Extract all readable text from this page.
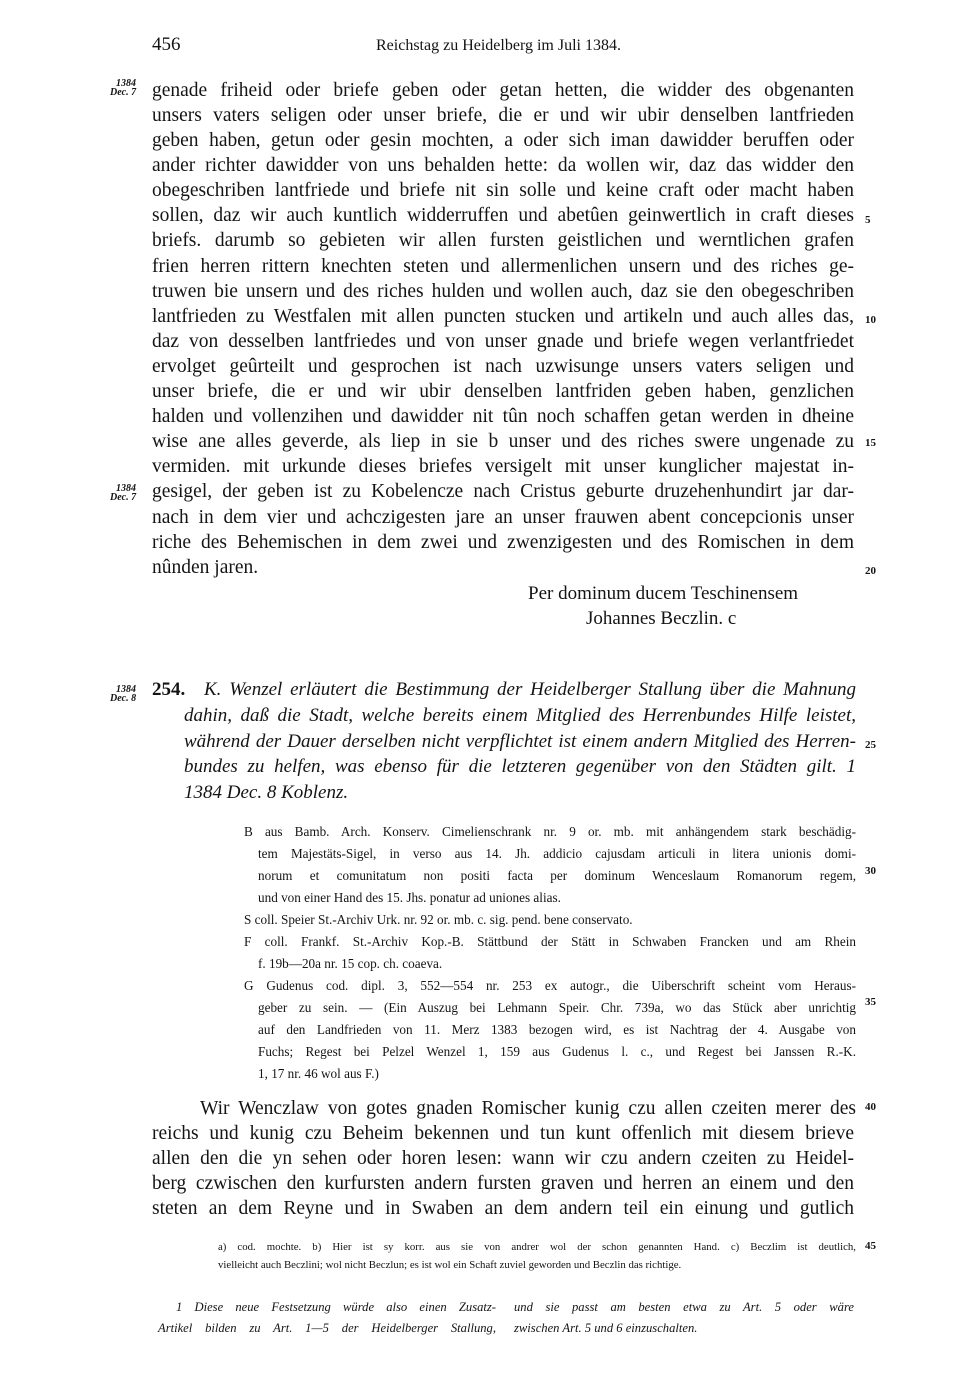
456	Reichstag zu Heidelberg im Juli 1384.
1384
Dec. 7
1384
Dec. 7
1384
Dec. 8
5
10
15
20
25
30
35
40
45
genade friheid oder briefe geben oder getan hetten, die widder des obgenanten
unsers vaters seligen oder unser briefe, die er und wir ubir denselben lantfrieden
geben haben, getun oder gesin mochten, a oder sich iman dawidder beruffen oder
ander richter dawidder von uns behalden hette: da wollen wir, daz das widder den
obegeschriben lantfriede und briefe nit sin solle und keine craft oder macht haben
sollen, daz wir auch kuntlich widderruffen und abetûen geinwertlich in craft dieses
briefs. darumb so gebieten wir allen fursten geistlichen und werntlichen grafen
frien herren rittern knechten steten und allermenlichen unsern und des riches ge-
truwen bie unsern und des riches hulden und wollen auch, daz sie den obegeschriben
lantfrieden zu Westfalen mit allen puncten stucken und artikeln und auch alles das,
daz von desselben lantfriedes und von unser gnade und briefe wegen verlantfriedet
ervolget geûrteilt und gesprochen ist nach uzwisunge unsers vaters seligen und
unser briefe, die er und wir ubir denselben lantfriden geben haben, genzlichen
halden und vollenzihen und dawidder nit tûn noch schaffen getan werden in dheine
wise ane alles geverde, als liep in sie b unser und des riches swere ungenade zu
vermiden. mit urkunde dieses briefes versigelt mit unser kunglicher majestat in-
gesigel, der geben ist zu Kobelencze nach Cristus geburte druzehenhundirt jar dar-
nach in dem vier und achczigesten jare an unser frauwen abent concepcionis unser
riche des Behemischen in dem zwei und zwenzigesten und des Romischen in dem
nûnden jaren.
Per dominum ducem Teschinensem
Johannes Beczlin. c
254. K. Wenzel erläutert die Bestimmung der Heidelberger Stallung über die Mahnung
dahin, daß die Stadt, welche bereits einem Mitglied des Herrenbundes Hilfe leistet,
während der Dauer derselben nicht verpflichtet ist einem andern Mitglied des Herren-
bundes zu helfen, was ebenso für die letzteren gegenüber von den Städten gilt. 1
1384 Dec. 8 Koblenz.
B aus Bamb. Arch. Konserv. Cimelienschrank nr. 9 or. mb. mit anhängendem stark beschädig-
tem Majestäts-Sigel, in verso aus 14. Jh. addicio cajusdam articuli in litera unionis domi-
norum et comunitatum non positi facta per dominum Wenceslaum Romanorum regem,
und von einer Hand des 15. Jhs. ponatur ad uniones alias.
S coll. Speier St.-Archiv Urk. nr. 92 or. mb. c. sig. pend. bene conservato.
F coll. Frankf. St.-Archiv Kop.-B. Stättbund der Stätt in Schwaben Francken und am Rhein
f. 19b—20a nr. 15 cop. ch. coaeva.
G Gudenus cod. dipl. 3, 552—554 nr. 253 ex autogr., die Uiberschrift scheint vom Heraus-
geber zu sein. — (Ein Auszug bei Lehmann Speir. Chr. 739a, wo das Stück aber unrichtig
auf den Landfrieden von 11. Merz 1383 bezogen wird, es ist Nachtrag der 4. Ausgabe von
Fuchs; Regest bei Pelzel Wenzel 1, 159 aus Gudenus l. c., und Regest bei Janssen R.-K.
1, 17 nr. 46 wol aus F.)
Wir Wenczlaw von gotes gnaden Romischer kunig czu allen czeiten merer des
reichs und kunig czu Beheim bekennen und tun kunt offenlich mit diesem brieve
allen den die yn sehen oder horen lesen: wann wir czu andern czeiten zu Heidel-
berg czwischen den kurfursten andern fursten graven und herren an einem und den
steten an dem Reyne und in Swaben an dem andern teil ein einung und gutlich
a) cod. mochte. b) Hier ist sy korr. aus sie von andrer wol der schon genannten Hand. c) Beczlim ist deutlich,
vielleicht auch Beczlini; wol nicht Beczlun; es ist wol ein Schaft zuviel geworden und Beczlin das richtige.
1 Diese neue Festsetzung würde also einen Zusatz-
Artikel bilden zu Art. 1—5 der Heidelberger Stallung,
und sie passt am besten etwa zu Art. 5 oder wäre
zwischen Art. 5 und 6 einzuschalten.
